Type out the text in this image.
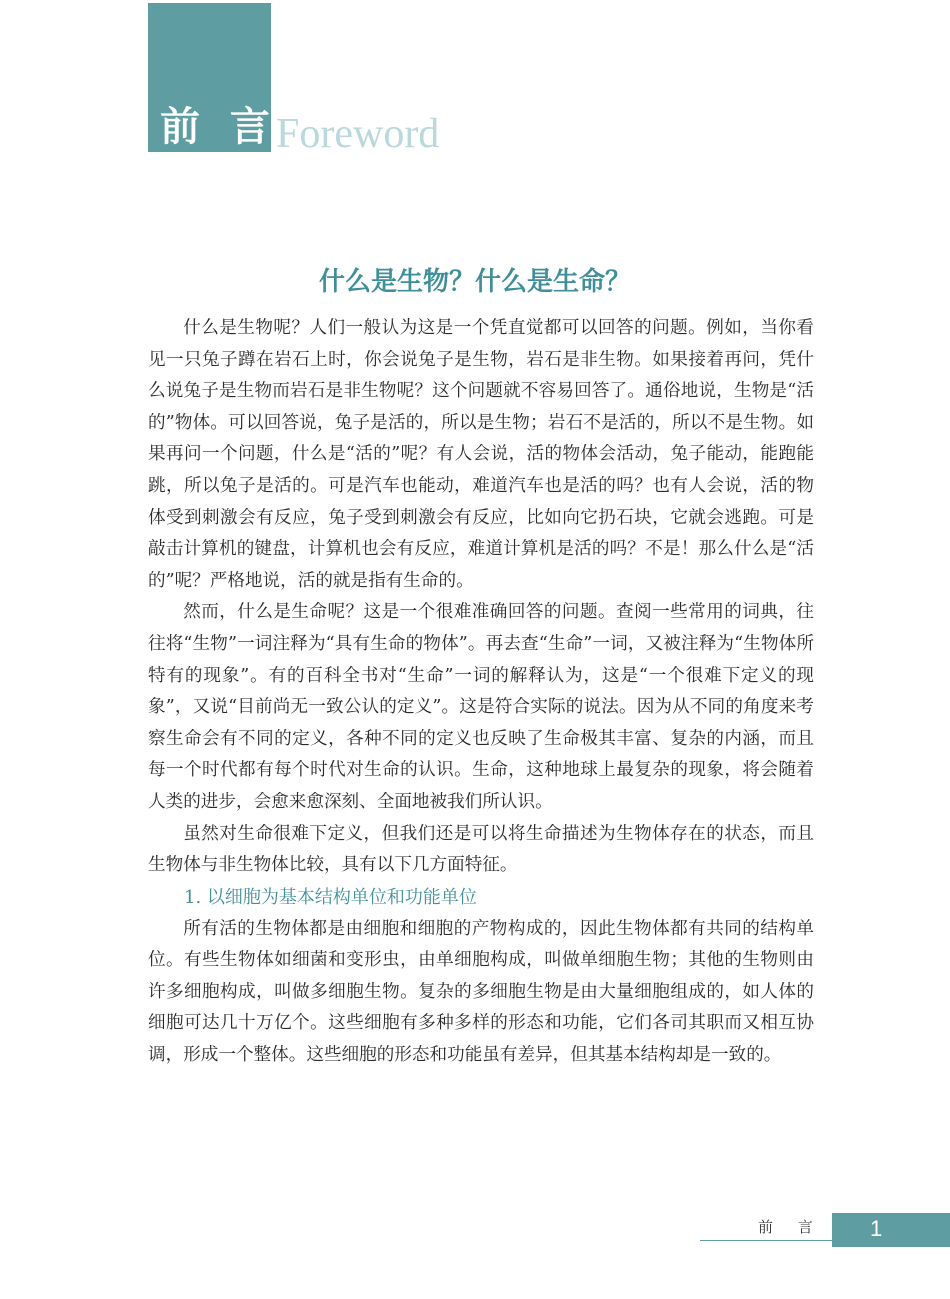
前 言
Foreword
什么是生物？什么是生命？

什么是生物呢？人们一般认为这是一个凭直觉都可以回答的问题。例如，当你看见一只兔子蹲在岩石上时，你会说兔子是生物，岩石是非生物。如果接着再问，凭什么说兔子是生物而岩石是非生物呢？这个问题就不容易回答了。通俗地说，生物是“活的”物体。可以回答说，兔子是活的，所以是生物；岩石不是活的，所以不是生物。如果再问一个问题，什么是“活的”呢？有人会说，活的物体会活动，兔子能动，能跑能跳，所以兔子是活的。可是汽车也能动，难道汽车也是活的吗？也有人会说，活的物体受到刺激会有反应，兔子受到刺激会有反应，比如向它扔石块，它就会逃跑。可是敲击计算机的键盘，计算机也会有反应，难道计算机是活的吗？不是！那么什么是“活的”呢？严格地说，活的就是指有生命的。

然而，什么是生命呢？这是一个很难准确回答的问题。查阅一些常用的词典，往往将“生物”一词注释为“具有生命的物体”。再去查“生命”一词，又被注释为“生物体所特有的现象”。有的百科全书对“生命”一词的解释认为，这是“一个很难下定义的现象”，又说“目前尚无一致公认的定义”。这是符合实际的说法。因为从不同的角度来考察生命会有不同的定义，各种不同的定义也反映了生命极其丰富、复杂的内涵，而且每一个时代都有每个时代对生命的认识。生命，这种地球上最复杂的现象，将会随着人类的进步，会愈来愈深刻、全面地被我们所认识。

虽然对生命很难下定义，但我们还是可以将生命描述为生物体存在的状态，而且生物体与非生物体比较，具有以下几方面特征。

1. 以细胞为基本结构单位和功能单位

所有活的生物体都是由细胞和细胞的产物构成的，因此生物体都有共同的结构单位。有些生物体如细菌和变形虫，由单细胞构成，叫做单细胞生物；其他的生物则由许多细胞构成，叫做多细胞生物。复杂的多细胞生物是由大量细胞组成的，如人体的细胞可达几十万亿个。这些细胞有多种多样的形态和功能，它们各司其职而又相互协调，形成一个整体。这些细胞的形态和功能虽有差异，但其基本结构却是一致的。

前 言 1
